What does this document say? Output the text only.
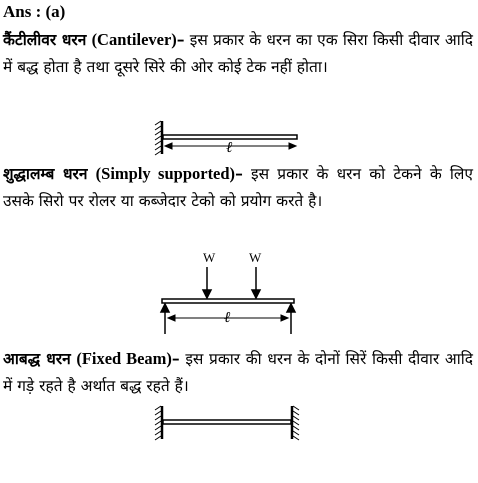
Ans : (a)
कैंटीलीवर धरन (Cantilever)– इस प्रकार के धरन का एक सिरा किसी दीवार आदि में बद्ध होता है तथा दूसरे सिरे की ओर कोई टेक नहीं होता।
ℓ
शुद्धालम्ब धरन (Simply supported)– इस प्रकार के धरन को टेकने के लिए उसके सिरो पर रोलर या कब्जेदार टेको को प्रयोग करते है।
W	W
ℓ
आबद्ध धरन (Fixed Beam)– इस प्रकार की धरन के दोनों सिरें किसी दीवार आदि में गड़े रहते है अर्थात बद्ध रहते हैं।
